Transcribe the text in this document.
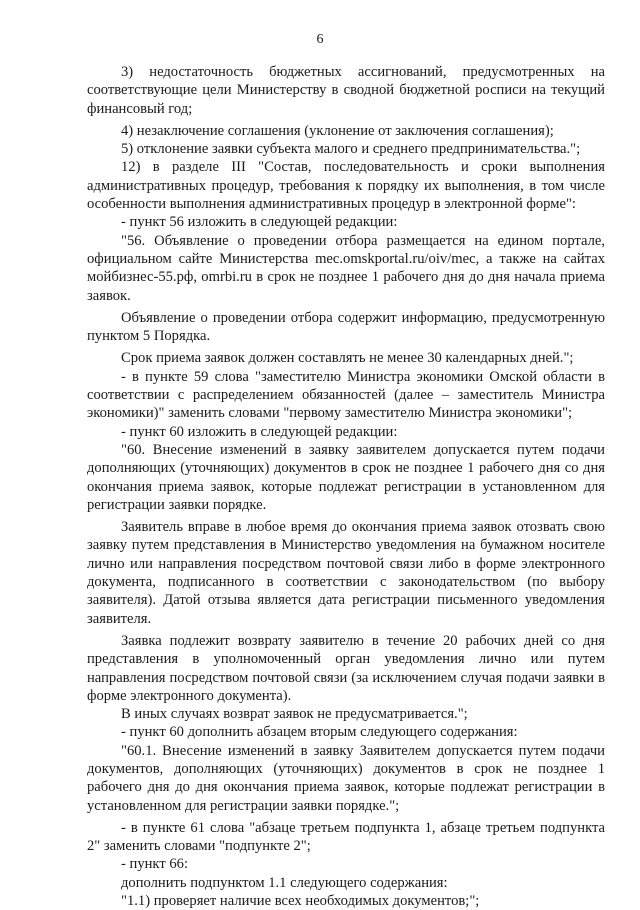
6

3) недостаточность бюджетных ассигнований, предусмотренных на соответствующие цели Министерству в сводной бюджетной росписи на текущий финансовый год;

4) незаключение соглашения (уклонение от заключения соглашения);

5) отклонение заявки субъекта малого и среднего предпринимательства.";

12) в разделе III "Состав, последовательность и сроки выполнения административных процедур, требования к порядку их выполнения, в том числе особенности выполнения административных процедур в электронной форме":

- пункт 56 изложить в следующей редакции:

"56. Объявление о проведении отбора размещается на едином портале, официальном сайте Министерства mec.omskportal.ru/oiv/mec, а также на сайтах мойбизнес-55.рф, omrbi.ru в срок не позднее 1 рабочего дня до дня начала приема заявок.

Объявление о проведении отбора содержит информацию, предусмотренную пунктом 5 Порядка.

Срок приема заявок должен составлять не менее 30 календарных дней.";

- в пункте 59 слова "заместителю Министра экономики Омской области в соответствии с распределением обязанностей (далее – заместитель Министра экономики)" заменить словами "первому заместителю Министра экономики";

- пункт 60 изложить в следующей редакции:

"60. Внесение изменений в заявку заявителем допускается путем подачи дополняющих (уточняющих) документов в срок не позднее 1 рабочего дня со дня окончания приема заявок, которые подлежат регистрации в установленном для регистрации заявки порядке.

Заявитель вправе в любое время до окончания приема заявок отозвать свою заявку путем представления в Министерство уведомления на бумажном носителе лично или направления посредством почтовой связи либо в форме электронного документа, подписанного в соответствии с законодательством (по выбору заявителя). Датой отзыва является дата регистрации письменного уведомления заявителя.

Заявка подлежит возврату заявителю в течение 20 рабочих дней со дня представления в уполномоченный орган уведомления лично или путем направления посредством почтовой связи (за исключением случая подачи заявки в форме электронного документа).

В иных случаях возврат заявок не предусматривается.";

- пункт 60 дополнить абзацем вторым следующего содержания:

"60.1. Внесение изменений в заявку Заявителем допускается путем подачи документов, дополняющих (уточняющих) документов в срок не позднее 1 рабочего дня до дня окончания приема заявок, которые подлежат регистрации в установленном для регистрации заявки порядке.";

- в пункте 61 слова "абзаце третьем подпункта 1, абзаце третьем подпункта 2" заменить словами "подпункте 2";

- пункт 66:

дополнить подпунктом 1.1 следующего содержания:

"1.1) проверяет наличие всех необходимых документов;";
